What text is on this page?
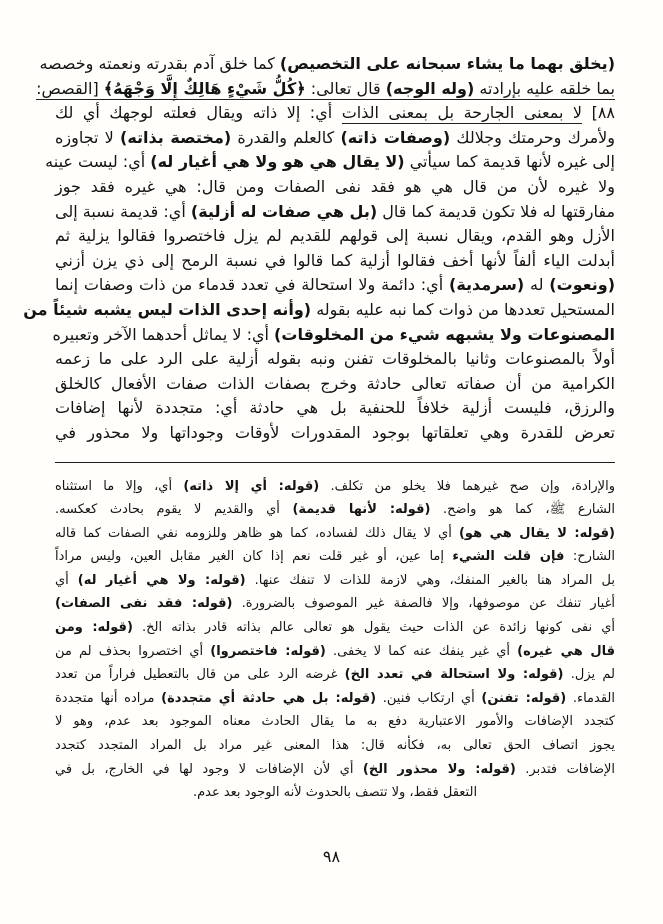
(يخلق بهما ما يشاء سبحانه على التخصيص) كما خلق آدم بقدرته ونعمته وخصصه
بما خلقه عليه بإرادته (وله الوجه) قال تعالى: ﴿كُلُّ شَيْءٍ هَالِكٌ إِلَّا وَجْهَهُ﴾ [القصص:
٨٨] لا بمعنى الجارحة بل بمعنى الذات أي: إلا ذاته ويقال فعلته لوجهك أي لك
ولأمرك وحرمتك وجلالك (وصفات ذاته) كالعلم والقدرة (مختصة بذاته) لا تجاوزه
إلى غيره لأنها قديمة كما سيأتي (لا يقال هي هو ولا هي أغيار له) أي: ليست عينه
ولا غيره لأن من قال هي هو فقد نفى الصفات ومن قال: هي غيره فقد جوز
مفارقتها له فلا تكون قديمة كما قال (بل هي صفات له أزلية) أي: قديمة نسبة إلى
الأزل وهو القدم، ويقال نسبة إلى قولهم للقديم لم يزل فاختصروا فقالوا يزلية ثم
أبدلت الياء ألفاً لأنها أخف فقالوا أزلية كما قالوا في نسبة الرمح إلى ذي يزن أزني
(ونعوت) له (سرمدية) أي: دائمة ولا استحالة في تعدد قدماء من ذات وصفات إنما
المستحيل تعددها من ذوات كما نبه عليه بقوله (وأنه إحدى الذات ليس يشبه شيئاً من
المصنوعات ولا يشبهه شيء من المخلوقات) أي: لا يماثل أحدهما الآخر وتعبيره
أولاً بالمصنوعات وثانيا بالمخلوقات تفنن ونبه بقوله أزلية على الرد على ما زعمه
الكرامية من أن صفاته تعالى حادثة وخرج بصفات الذات صفات الأفعال كالخلق
والرزق، فليست أزلية خلافاً للحنفية بل هي حادثة أي: متجددة لأنها إضافات
تعرض للقدرة وهي تعلقاتها بوجود المقدورات لأوقات وجوداتها ولا محذور في
والإرادة، وإن صح غيرهما فلا يخلو من تكلف. (قوله: أي إلا ذاته) أي، وإلا ما استثناه
الشارع ﷺ، كما هو واضح. (قوله: لأنها قديمة) أي والقديم لا يقوم بحادث كعكسه.
(قوله: لا يقال هي هو) أي لا يقال ذلك لفساده، كما هو ظاهر وللزومه نفي الصفات كما قاله
الشارح: فإن قلت الشيء إما عين، أو غير قلت نعم إذا كان الغير مقابل العين، وليس مراداً
بل المراد هنا بالغير المنفك، وهي لازمة للذات لا تنفك عنها. (قوله: ولا هي أغيار له) أي
أغيار تنفك عن موصوفها، وإلا فالصفة غير الموصوف بالضرورة. (قوله: فقد نفى الصفات)
أي نفى كونها زائدة عن الذات حيث يقول هو تعالى عالم بذاته قادر بذاته الخ. (قوله: ومن
قال هي غيره) أي غير ينفك عنه كما لا يخفى. (قوله: فاختصروا) أي اختصروا بحذف لم من
لم يزل. (قوله: ولا استحالة في تعدد الخ) غرضه الرد على من قال بالتعطيل فراراً من تعدد
القدماء. (قوله: تفنن) أي ارتكاب فنين. (قوله: بل هي حادثة أي متجددة) مراده أنها متجددة
كتجدد الإضافات والأمور الاعتبارية دفع به ما يقال الحادث معناه الموجود بعد عدم، وهو لا
يجوز اتصاف الحق تعالى به، فكأنه قال: هذا المعنى غير مراد بل المراد المتجدد كتجدد
الإضافات فتدبر. (قوله: ولا محذور الخ) أي لأن الإضافات لا وجود لها في الخارج، بل في
التعقل فقط، ولا تتصف بالحدوث لأنه الوجود بعد عدم.
٩٨
